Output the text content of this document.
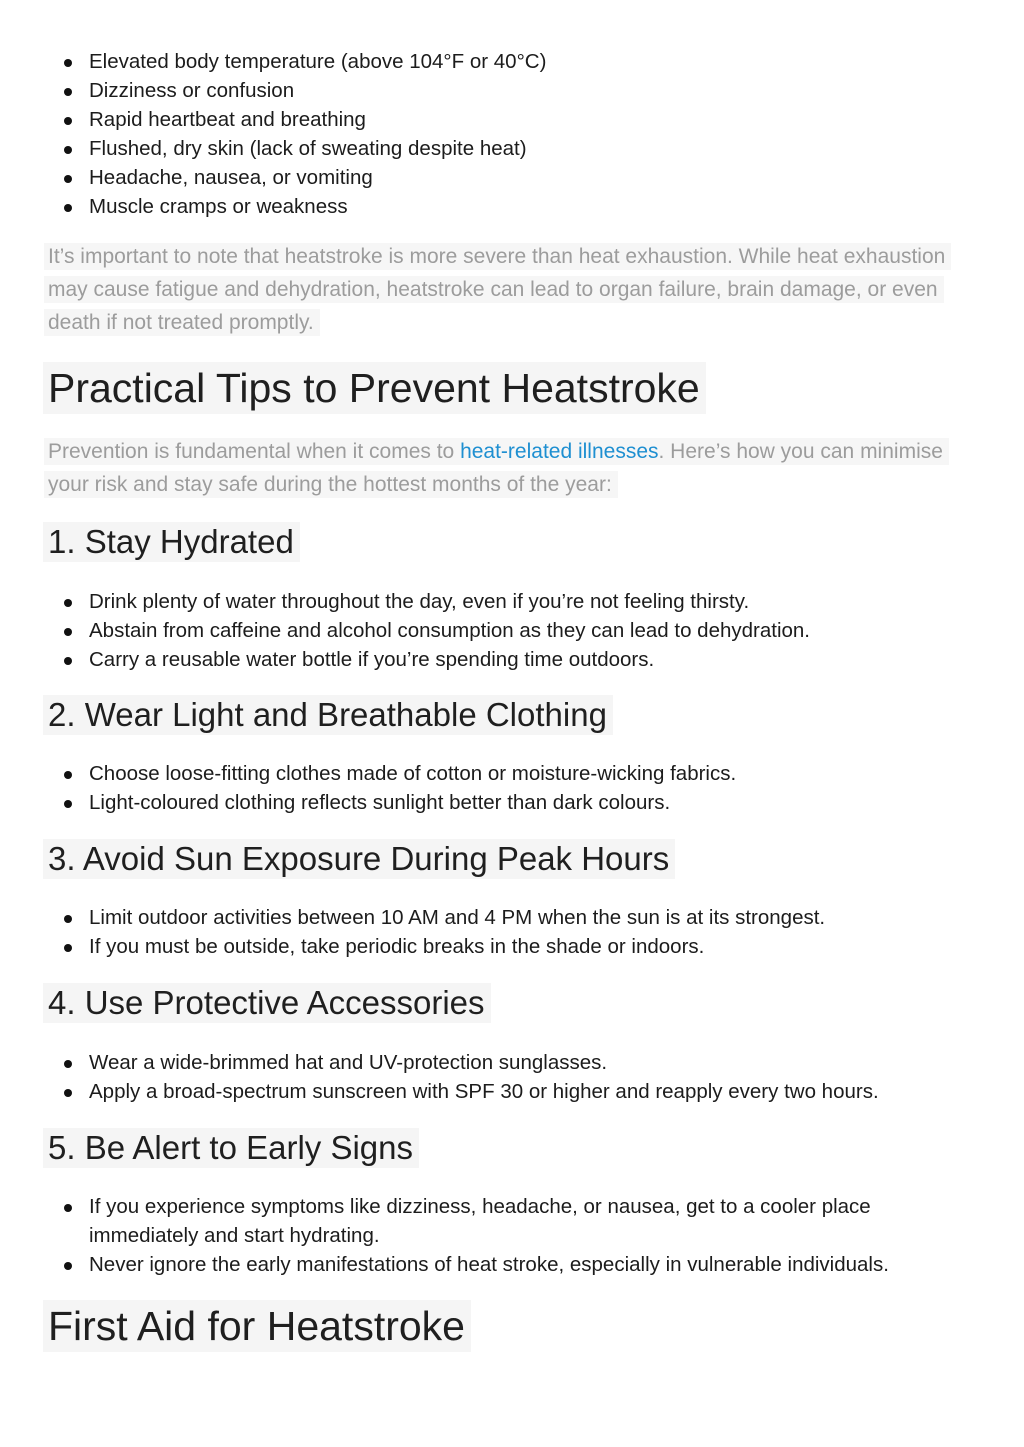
Elevated body temperature (above 104°F or 40°C)
Dizziness or confusion
Rapid heartbeat and breathing
Flushed, dry skin (lack of sweating despite heat)
Headache, nausea, or vomiting
Muscle cramps or weakness
It’s important to note that heatstroke is more severe than heat exhaustion. While heat exhaustion may cause fatigue and dehydration, heatstroke can lead to organ failure, brain damage, or even death if not treated promptly.
Practical Tips to Prevent Heatstroke
Prevention is fundamental when it comes to heat-related illnesses. Here’s how you can minimise your risk and stay safe during the hottest months of the year:
1. Stay Hydrated
Drink plenty of water throughout the day, even if you’re not feeling thirsty.
Abstain from caffeine and alcohol consumption as they can lead to dehydration.
Carry a reusable water bottle if you’re spending time outdoors.
2. Wear Light and Breathable Clothing
Choose loose-fitting clothes made of cotton or moisture-wicking fabrics.
Light-coloured clothing reflects sunlight better than dark colours.
3. Avoid Sun Exposure During Peak Hours
Limit outdoor activities between 10 AM and 4 PM when the sun is at its strongest.
If you must be outside, take periodic breaks in the shade or indoors.
4. Use Protective Accessories
Wear a wide-brimmed hat and UV-protection sunglasses.
Apply a broad-spectrum sunscreen with SPF 30 or higher and reapply every two hours.
5. Be Alert to Early Signs
If you experience symptoms like dizziness, headache, or nausea, get to a cooler place immediately and start hydrating.
Never ignore the early manifestations of heat stroke, especially in vulnerable individuals.
First Aid for Heatstroke
